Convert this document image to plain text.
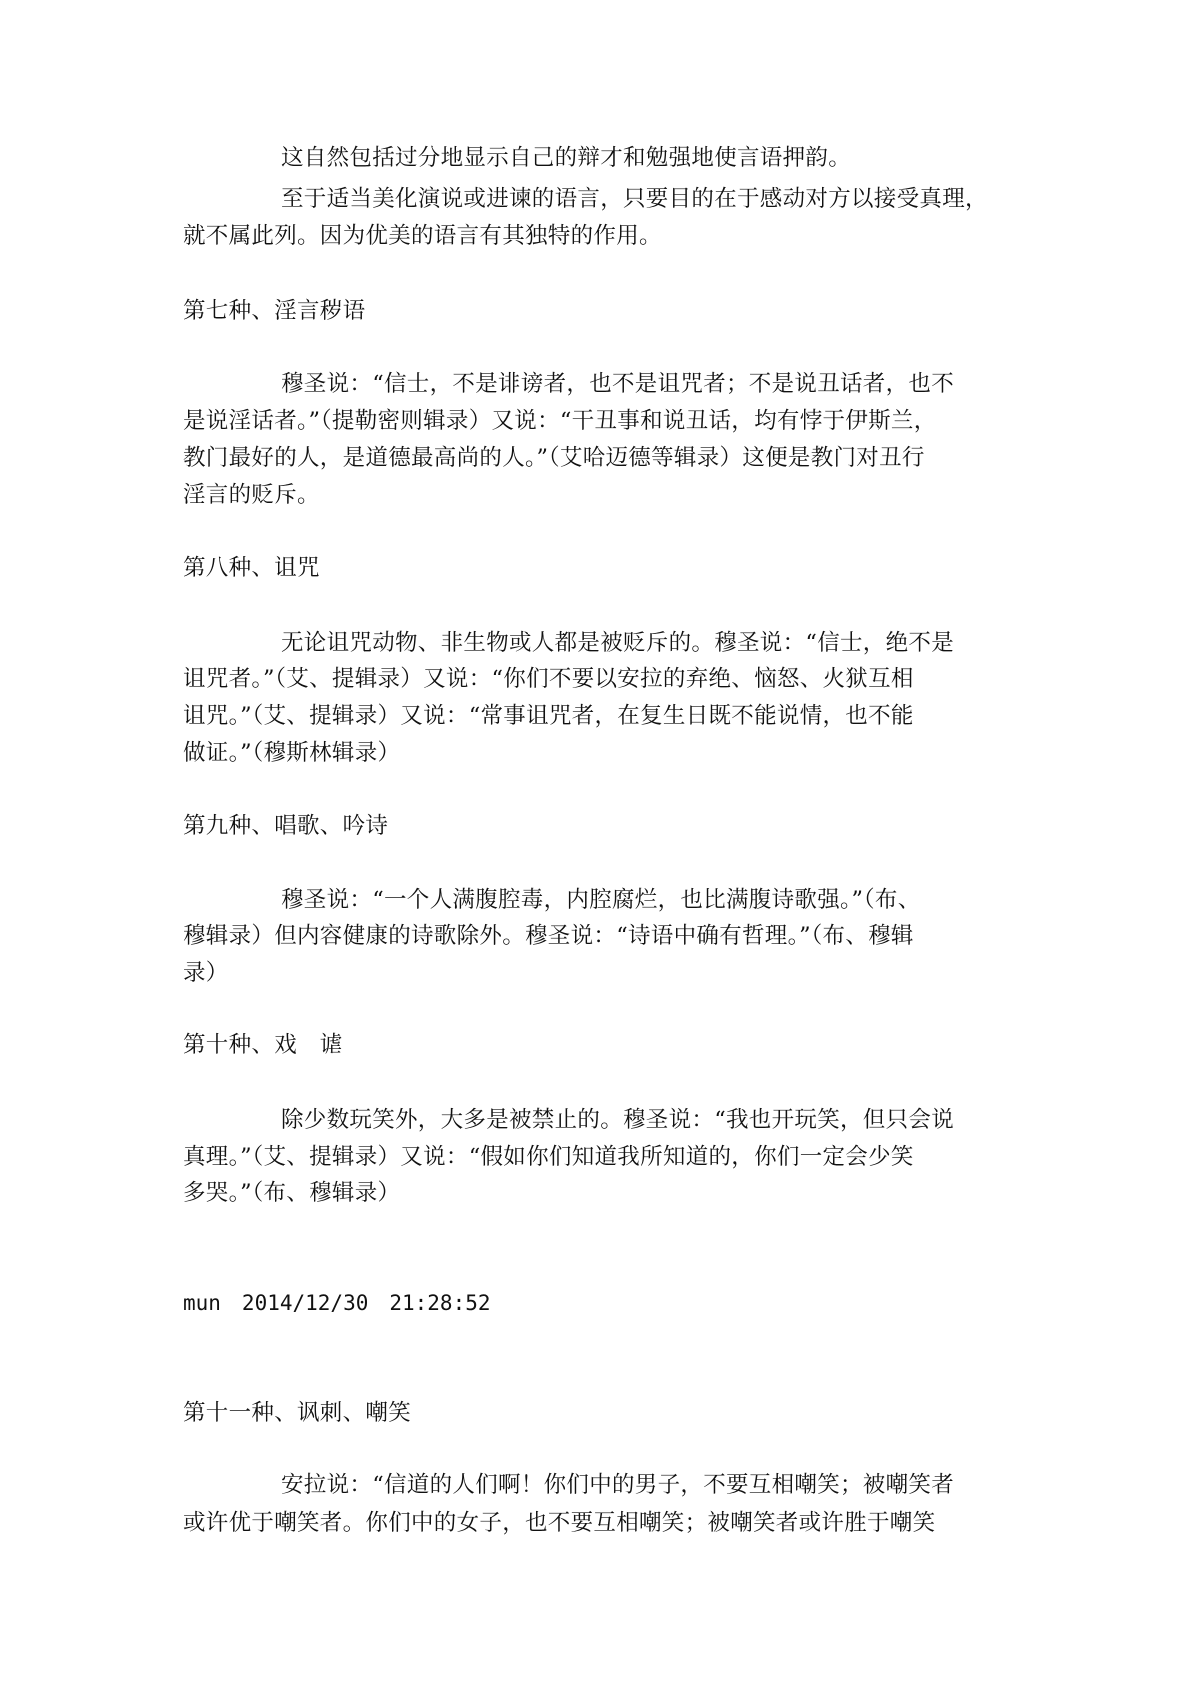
这自然包括过分地显示自己的辩才和勉强地使言语押韵。
至于适当美化演说或进谏的语言，只要目的在于感动对方以接受真理，
就不属此列。因为优美的语言有其独特的作用。
第七种、淫言秽语
穆圣说：“信士，不是诽谤者，也不是诅咒者；不是说丑话者，也不
是说淫话者。”（提勒密则辑录）又说：“干丑事和说丑话，均有悖于伊斯兰，
教门最好的人，是道德最高尚的人。”（艾哈迈德等辑录）这便是教门对丑行
淫言的贬斥。
第八种、诅咒
无论诅咒动物、非生物或人都是被贬斥的。穆圣说：“信士，绝不是
诅咒者。”（艾、提辑录）又说：“你们不要以安拉的弃绝、恼怒、火狱互相
诅咒。”（艾、提辑录）又说：“常事诅咒者，在复生日既不能说情，也不能
做证。”（穆斯林辑录）
第九种、唱歌、吟诗
穆圣说：“一个人满腹腔毒，内腔腐烂，也比满腹诗歌强。”（布、
穆辑录）但内容健康的诗歌除外。穆圣说：“诗语中确有哲理。”（布、穆辑
录）
第十种、戏　谑
除少数玩笑外，大多是被禁止的。穆圣说：“我也开玩笑，但只会说
真理。”（艾、提辑录）又说：“假如你们知道我所知道的，你们一定会少笑
多哭。”（布、穆辑录）
mun　2014/12/30　21:28:52
第十一种、讽刺、嘲笑
安拉说：“信道的人们啊！你们中的男子，不要互相嘲笑；被嘲笑者
或许优于嘲笑者。你们中的女子，也不要互相嘲笑；被嘲笑者或许胜于嘲笑
